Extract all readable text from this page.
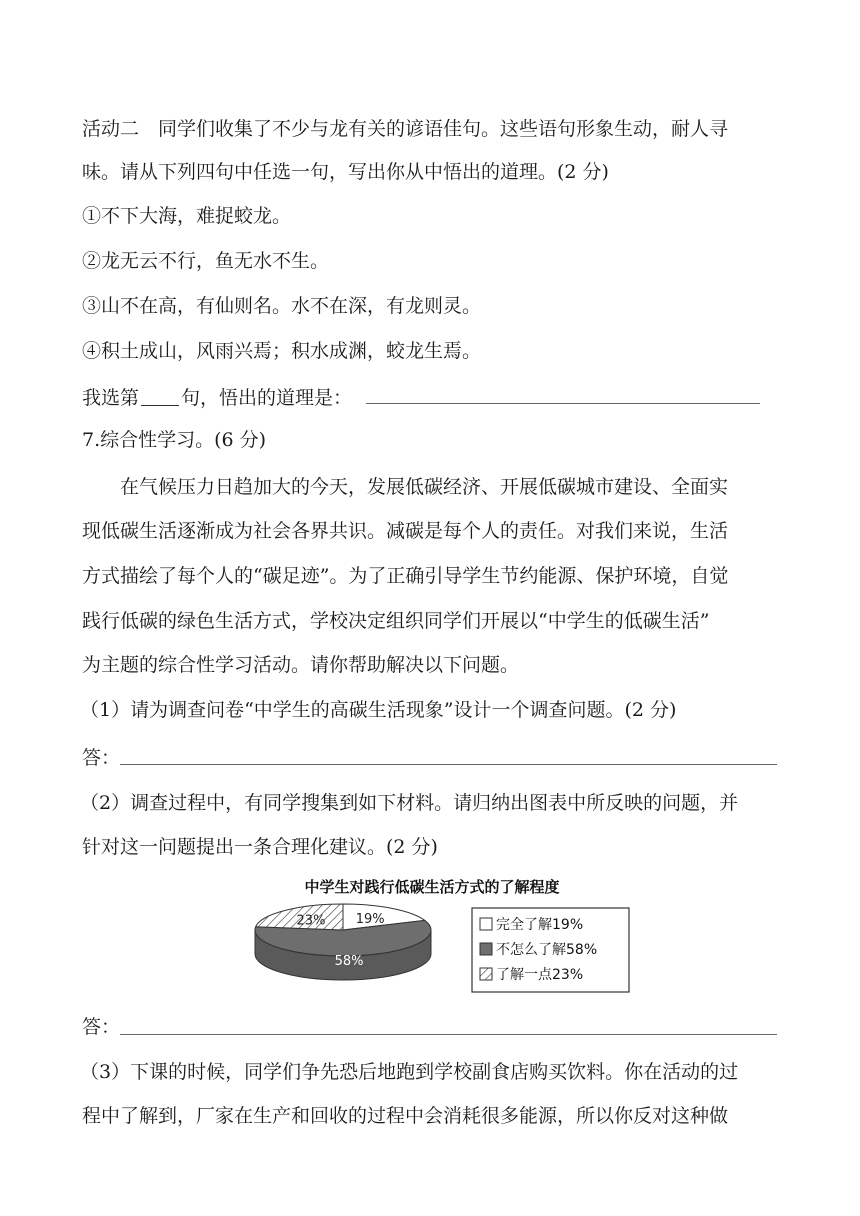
活动二　同学们收集了不少与龙有关的谚语佳句。这些语句形象生动，耐人寻

味。请从下列四句中任选一句，写出你从中悟出的道理。(2 分)

①不下大海，难捉蛟龙。

②龙无云不行，鱼无水不生。

③山不在高，有仙则名。水不在深，有龙则灵。

④积土成山，风雨兴焉；积水成渊，蛟龙生焉。

我选第 句，悟出的道理是：

7.综合性学习。(6 分)

在气候压力日趋加大的今天，发展低碳经济、开展低碳城市建设、全面实

现低碳生活逐渐成为社会各界共识。减碳是每个人的责任。对我们来说，生活

方式描绘了每个人的“碳足迹”。为了正确引导学生节约能源、保护环境，自觉

践行低碳的绿色生活方式，学校决定组织同学们开展以“中学生的低碳生活”

为主题的综合性学习活动。请你帮助解决以下问题。

（1）请为调查问卷“中学生的高碳生活现象”设计一个调查问题。(2 分)

答：

（2）调查过程中，有同学搜集到如下材料。请归纳出图表中所反映的问题，并

针对这一问题提出一条合理化建议。(2 分)

中学生对践行低碳生活方式的了解程度
19%
58%
23%	完全了解19%
不怎么了解58%
了解一点23%

答：

（3）下课的时候，同学们争先恐后地跑到学校副食店购买饮料。你在活动的过

程中了解到，厂家在生产和回收的过程中会消耗很多能源，所以你反对这种做
